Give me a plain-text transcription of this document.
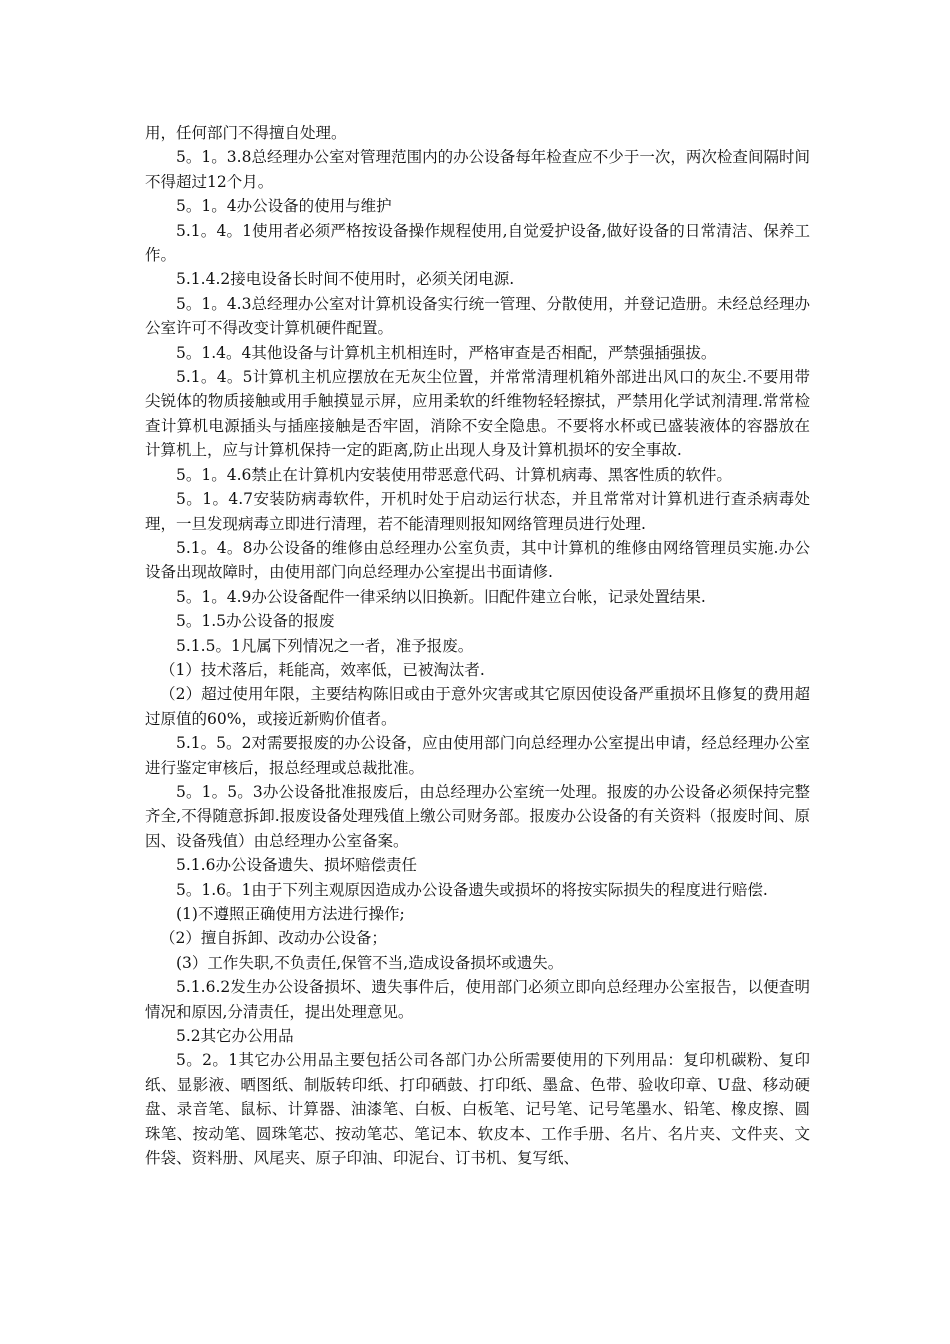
用，任何部门不得擅自处理。

5。1。3.8总经理办公室对管理范围内的办公设备每年检查应不少于一次，两次检查间隔时间不得超过12个月。

5。1。4办公设备的使用与维护

5.1。4。1使用者必须严格按设备操作规程使用,自觉爱护设备,做好设备的日常清洁、保养工作。

5.1.4.2接电设备长时间不使用时，必须关闭电源.

5。1。4.3总经理办公室对计算机设备实行统一管理、分散使用，并登记造册。未经总经理办公室许可不得改变计算机硬件配置。

5。1.4。4其他设备与计算机主机相连时，严格审查是否相配，严禁强插强拔。

5.1。4。5计算机主机应摆放在无灰尘位置，并常常清理机箱外部进出风口的灰尘.不要用带尖锐体的物质接触或用手触摸显示屏，应用柔软的纤维物轻轻擦拭，严禁用化学试剂清理.常常检查计算机电源插头与插座接触是否牢固，消除不安全隐患。不要将水杯或已盛装液体的容器放在计算机上，应与计算机保持一定的距离,防止出现人身及计算机损坏的安全事故.

5。1。4.6禁止在计算机内安装使用带恶意代码、计算机病毒、黑客性质的软件。

5。1。4.7安装防病毒软件，开机时处于启动运行状态，并且常常对计算机进行查杀病毒处理，一旦发现病毒立即进行清理，若不能清理则报知网络管理员进行处理.

5.1。4。8办公设备的维修由总经理办公室负责，其中计算机的维修由网络管理员实施.办公设备出现故障时，由使用部门向总经理办公室提出书面请修.

5。1。4.9办公设备配件一律采纳以旧换新。旧配件建立台帐，记录处置结果.

5。1.5办公设备的报废

5.1.5。1凡属下列情况之一者，准予报废。

（1）技术落后，耗能高，效率低，已被淘汰者.

（2）超过使用年限，主要结构陈旧或由于意外灾害或其它原因使设备严重损坏且修复的费用超过原值的60%，或接近新购价值者。

5.1。5。2对需要报废的办公设备，应由使用部门向总经理办公室提出申请，经总经理办公室进行鉴定审核后，报总经理或总裁批准。

5。1。5。3办公设备批准报废后，由总经理办公室统一处理。报废的办公设备必须保持完整齐全,不得随意拆卸.报废设备处理残值上缴公司财务部。报废办公设备的有关资料（报废时间、原因、设备残值）由总经理办公室备案。

5.1.6办公设备遗失、损坏赔偿责任

5。1.6。1由于下列主观原因造成办公设备遗失或损坏的将按实际损失的程度进行赔偿.

(1)不遵照正确使用方法进行操作;

（2）擅自拆卸、改动办公设备；

(3）工作失职,不负责任,保管不当,造成设备损坏或遗失。

5.1.6.2发生办公设备损坏、遗失事件后，使用部门必须立即向总经理办公室报告，以便查明情况和原因,分清责任，提出处理意见。

5.2其它办公用品

5。2。1其它办公用品主要包括公司各部门办公所需要使用的下列用品：复印机碳粉、复印纸、显影液、晒图纸、制版转印纸、打印硒鼓、打印纸、墨盒、色带、验收印章、U盘、移动硬盘、录音笔、鼠标、计算器、油漆笔、白板、白板笔、记号笔、记号笔墨水、铅笔、橡皮擦、圆珠笔、按动笔、圆珠笔芯、按动笔芯、笔记本、软皮本、工作手册、名片、名片夹、文件夹、文件袋、资料册、风尾夹、原子印油、印泥台、订书机、复写纸、
